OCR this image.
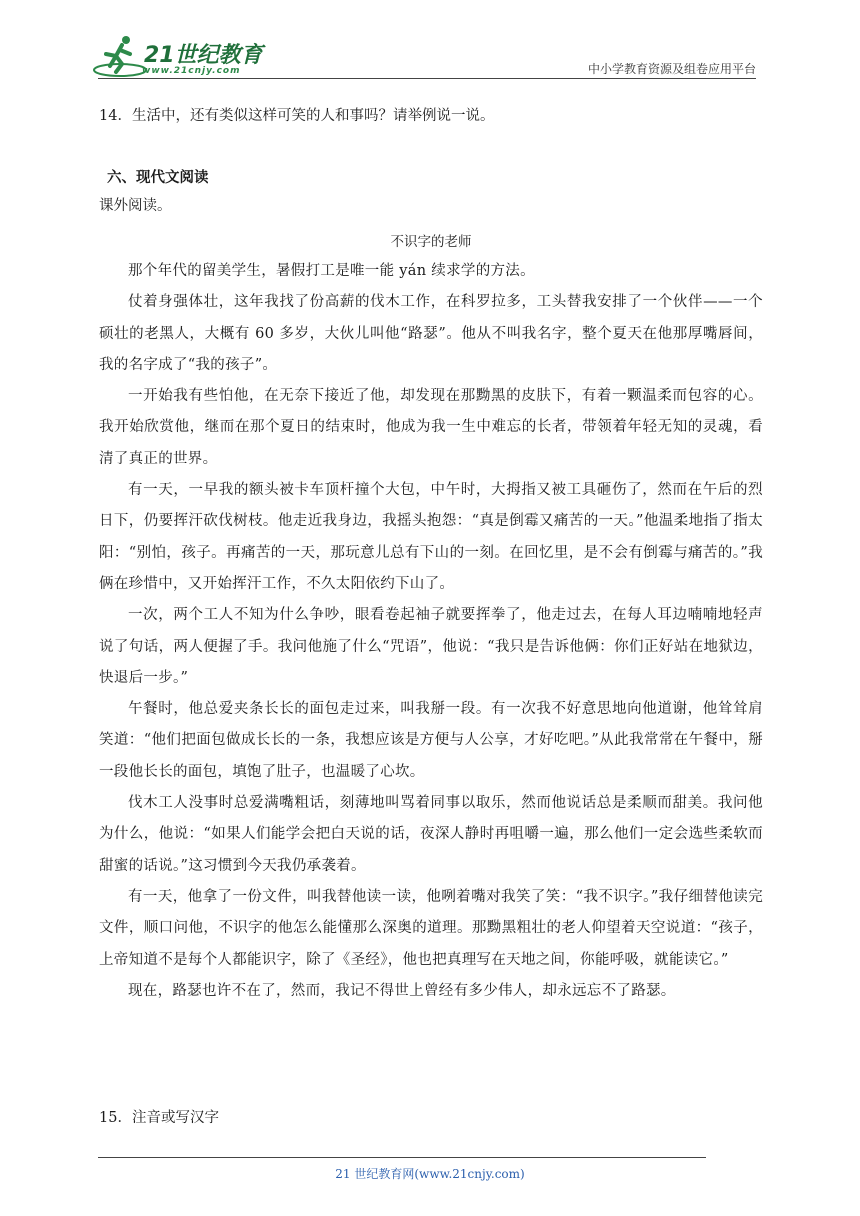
21世纪教育
www.21cnjy.com	中小学教育资源及组卷应用平台
14．生活中，还有类似这样可笑的人和事吗？请举例说一说。
六、现代文阅读
课外阅读。
不识字的老师

那个年代的留美学生，暑假打工是唯一能 yán 续求学的方法。

仗着身强体壮，这年我找了份高薪的伐木工作，在科罗拉多，工头替我安排了一个伙伴——一个硕壮的老黑人，大概有 60 多岁，大伙儿叫他“路瑟”。他从不叫我名字，整个夏天在他那厚嘴唇间，我的名字成了“我的孩子”。

一开始我有些怕他，在无奈下接近了他，却发现在那黝黑的皮肤下，有着一颗温柔而包容的心。我开始欣赏他，继而在那个夏日的结束时，他成为我一生中难忘的长者，带领着年轻无知的灵魂，看清了真正的世界。

有一天，一早我的额头被卡车顶杆撞个大包，中午时，大拇指又被工具砸伤了，然而在午后的烈日下，仍要挥汗砍伐树枝。他走近我身边，我摇头抱怨：“真是倒霉又痛苦的一天。”他温柔地指了指太阳：“别怕，孩子。再痛苦的一天，那玩意儿总有下山的一刻。在回忆里，是不会有倒霉与痛苦的。”我俩在珍惜中，又开始挥汗工作，不久太阳依约下山了。

一次，两个工人不知为什么争吵，眼看卷起袖子就要挥拳了，他走过去，在每人耳边喃喃地轻声说了句话，两人便握了手。我问他施了什么“咒语”，他说：“我只是告诉他俩：你们正好站在地狱边，快退后一步。”

午餐时，他总爱夹条长长的面包走过来，叫我掰一段。有一次我不好意思地向他道谢，他耸耸肩笑道：“他们把面包做成长长的一条，我想应该是方便与人公享，才好吃吧。”从此我常常在午餐中，掰一段他长长的面包，填饱了肚子，也温暖了心坎。

伐木工人没事时总爱满嘴粗话，刻薄地叫骂着同事以取乐，然而他说话总是柔顺而甜美。我问他为什么，他说：“如果人们能学会把白天说的话，夜深人静时再咀嚼一遍，那么他们一定会选些柔软而甜蜜的话说。”这习惯到今天我仍承袭着。

有一天，他拿了一份文件，叫我替他读一读，他咧着嘴对我笑了笑：“我不识字。”我仔细替他读完文件，顺口问他，不识字的他怎么能懂那么深奥的道理。那黝黑粗壮的老人仰望着天空说道：“孩子，上帝知道不是每个人都能识字，除了《圣经》，他也把真理写在天地之间，你能呼吸，就能读它。”

现在，路瑟也许不在了，然而，我记不得世上曾经有多少伟人，却永远忘不了路瑟。

15．注音或写汉字
21 世纪教育网(www.21cnjy.com)
